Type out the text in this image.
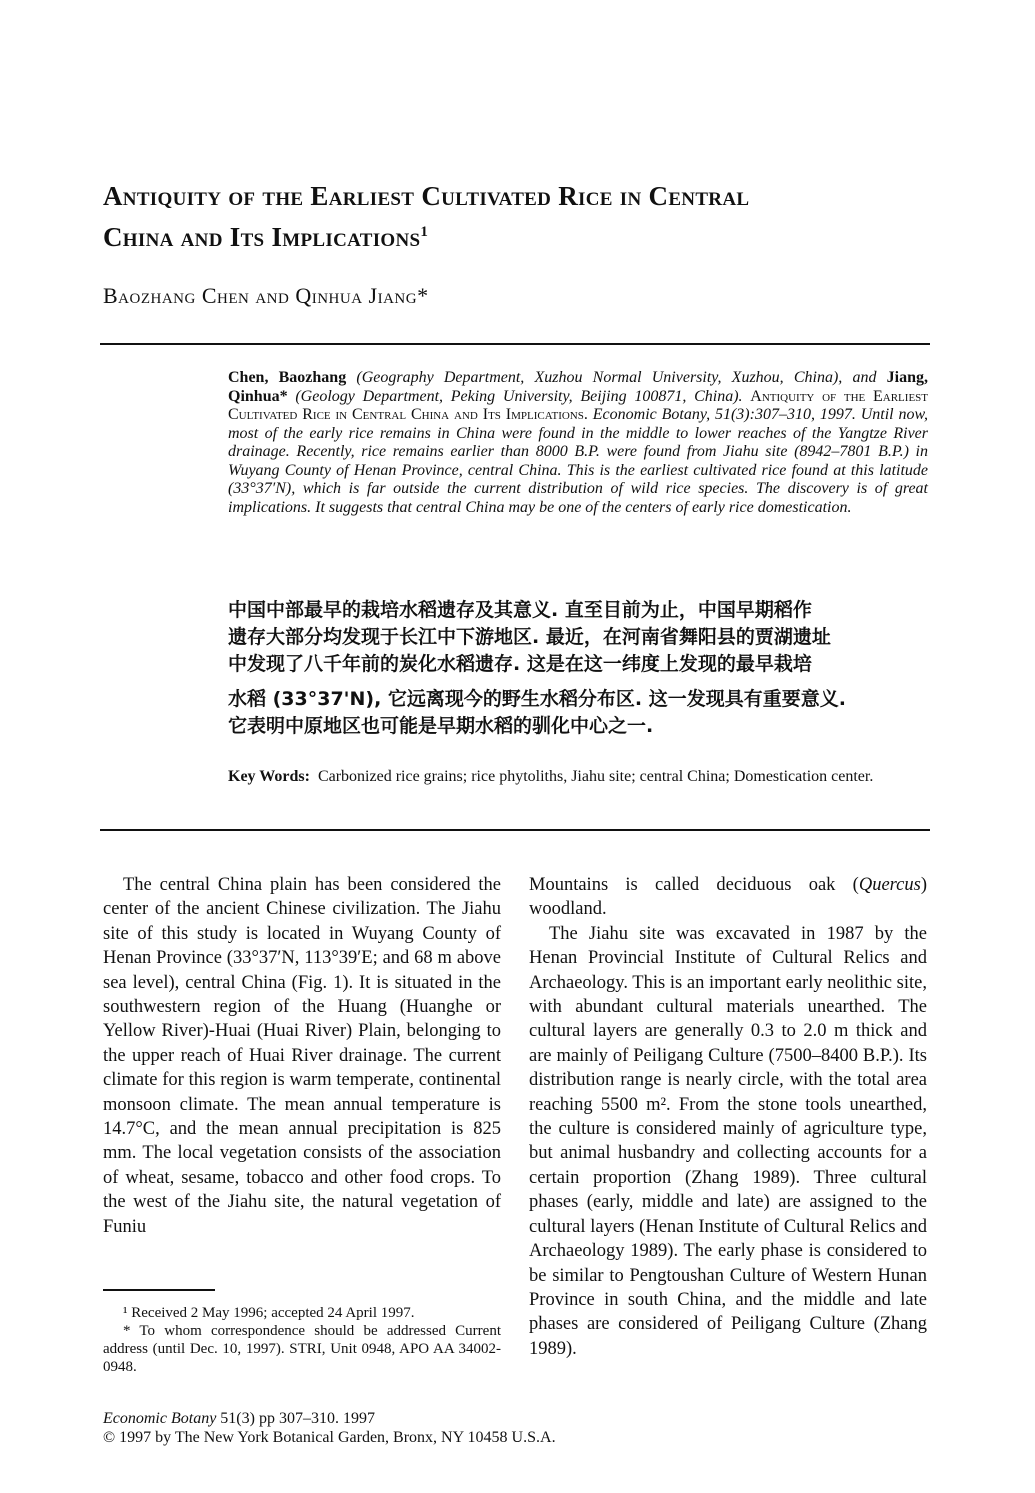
Antiquity of the Earliest Cultivated Rice in Central
China and Its Implications$^1$
Baozhang Chen and Qinhua Jiang*
Chen, Baozhang (Geography Department, Xuzhou Normal University, Xuzhou, China), and Jiang, Qinhua* (Geology Department, Peking University, Beijing 100871, China). Antiquity of the Earliest Cultivated Rice in Central China and Its Implications. Economic Botany, 51(3):307–310, 1997. Until now, most of the early rice remains in China were found in the middle to lower reaches of the Yangtze River drainage. Recently, rice remains earlier than 8000 B.P. were found from Jiahu site (8942–7801 B.P.) in Wuyang County of Henan Province, central China. This is the earliest cultivated rice found at this latitude (33°37′N), which is far outside the current distribution of wild rice species. The discovery is of great implications. It suggests that central China may be one of the centers of early rice domestication.
中国中部最早的栽培水稻遗存及其意义. 直至目前为止，中国早期稻作
遗存大部分均发现于长江中下游地区. 最近，在河南省舞阳县的贾湖遗址
中发现了八千年前的炭化水稻遗存. 这是在这一纬度上发现的最早栽培
水稻 (33°37'N), 它远离现今的野生水稻分布区. 这一发现具有重要意义.
它表明中原地区也可能是早期水稻的驯化中心之一.
Key Words: Carbonized rice grains; rice phytoliths, Jiahu site; central China; Domestication center.

The central China plain has been considered the center of the ancient Chinese civilization. The Jiahu site of this study is located in Wuyang County of Henan Province (33°37′N, 113°39′E; and 68 m above sea level), central China (Fig. 1). It is situated in the southwestern region of the Huang (Huanghe or Yellow River)-Huai (Huai River) Plain, belonging to the upper reach of Huai River drainage. The current climate for this region is warm temperate, continental monsoon climate. The mean annual temperature is 14.7°C, and the mean annual precipitation is 825 mm. The local vegetation consists of the association of wheat, sesame, tobacco and other food crops. To the west of the Jiahu site, the natural vegetation of Funiu

Mountains is called deciduous oak (Quercus) woodland.

The Jiahu site was excavated in 1987 by the Henan Provincial Institute of Cultural Relics and Archaeology. This is an important early neolithic site, with abundant cultural materials unearthed. The cultural layers are generally 0.3 to 2.0 m thick and are mainly of Peiligang Culture (7500–8400 B.P.). Its distribution range is nearly circle, with the total area reaching 5500 m². From the stone tools unearthed, the culture is considered mainly of agriculture type, but animal husbandry and collecting accounts for a certain proportion (Zhang 1989). Three cultural phases (early, middle and late) are assigned to the cultural layers (Henan Institute of Cultural Relics and Archaeology 1989). The early phase is considered to be similar to Pengtoushan Culture of Western Hunan Province in south China, and the middle and late phases are considered of Peiligang Culture (Zhang 1989).

¹ Received 2 May 1996; accepted 24 April 1997.

* To whom correspondence should be addressed Current address (until Dec. 10, 1997). STRI, Unit 0948, APO AA 34002-0948.

Economic Botany 51(3) pp 307–310. 1997
© 1997 by The New York Botanical Garden, Bronx, NY 10458 U.S.A.
